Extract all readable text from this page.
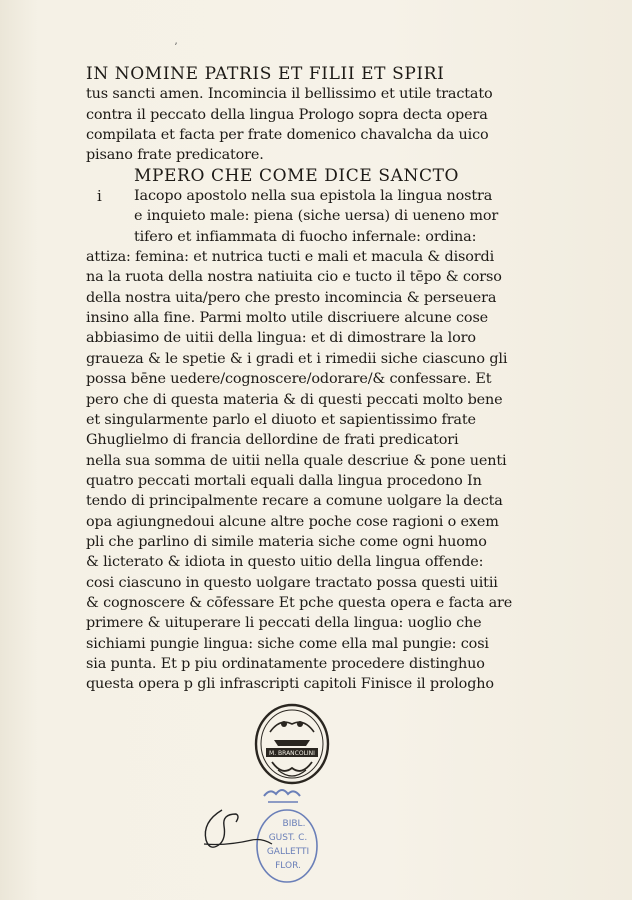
ʼ
IN NOMINE PATRIS ET FILII ET SPIRI
tus sancti amen. Incomincia il bellissimo et utile tractato
contra il peccato della lingua Prologo sopra decta opera
compilata et facta per frate domenico chavalcha da uico
pisano frate predicatore.
MPERO CHE COME DICE SANCTO
i Iacopo apostolo nella sua epistola la lingua nostra
e inquieto male: piena (siche uersa) di ueneno mor
tifero et infiammata di fuocho infernale: ordina:
attiza: femina: et nutrica tucti e mali et macula & disordi
na la ruota della nostra natiuita cio e tucto il tēpo & corso
della nostra uita/pero che presto incomincia & perseuera
insino alla fine. Parmi molto utile discriuere alcune cose
abbiasimo de uitii della lingua: et di dimostrare la loro
graueza & le spetie & i gradi et i rimedii siche ciascuno gli
possa bēne uedere/cognoscere/odorare/& confessare. Et
pero che di questa materia & di questi peccati molto bene
et singularmente parlo el diuoto et sapientissimo frate
Ghuglielmo di francia dellordine de frati predicatori
nella sua somma de uitii nella quale descriue & pone uenti
quatro peccati mortali equali dalla lingua procedono In
tendo di principalmente recare a comune uolgare la decta
opa agiungnedoui alcune altre poche cose ragioni o exem
pli che parlino di simile materia siche come ogni huomo
& licterato & idiota in questo uitio della lingua offende:
cosi ciascuno in questo uolgare tractato possa questi uitii
& cognoscere & cōfessare Et pche questa opera e facta are
primere & uituperare li peccati della lingua: uoglio che
sichiami pungie lingua: siche come ella mal pungie: cosi
sia punta. Et p piu ordinatamente procedere distinghuo
questa opera p gli infrascripti capitoli Finisce il prologho
M. BRANCOLINI
BIBL.
GUST. C.
GALLETTI
FLOR.
